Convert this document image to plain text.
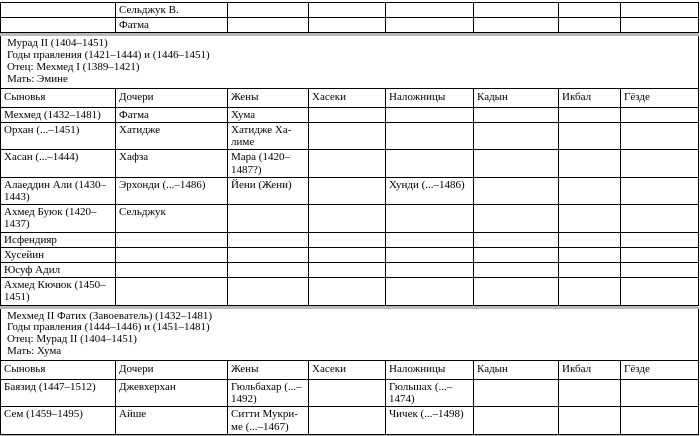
	Сельджук В.						
	Фатма						
Мурад II (1404–1451)
Годы правления (1421–1444) и (1446–1451)
Отец: Мехмед I (1389–1421)
Мать: Эмине
Сыновья	Дочери	Жены	Хасеки	Наложницы	Кадын	Икбал	Гёзде
Мехмед (1432–1481)	Фатма	Хума					
Орхан (...–1451)	Хатидже	Хатидже Халиме					
Хасан (...–1444)	Хафза	Мара (1420–1487?)					
Алаеддин Али (1430–1443)	Эрхонди (...–1486)	Йени (Жени)		Хунди (...–1486)			
Ахмед Буюк (1420–1437)	Сельджук						
Исфендияр							
Хусейин							
Юсуф Адил							
Ахмед Кючюк (1450–1451)							
Мехмед II Фатих (Завоеватель) (1432–1481)
Годы правления (1444–1446) и (1451–1481)
Отец: Мурад II (1404–1451)
Мать: Хума
Сыновья	Дочери	Жены	Хасеки	Наложницы	Кадын	Икбал	Гёзде
Баязид (1447–1512)	Джевхерхан	Гюльбахар (...–1492)		Гюльшах (...–1474)			
Сем (1459–1495)	Айше	Ситти Мукриме (...–1467)		Чичек (...–1498)			
